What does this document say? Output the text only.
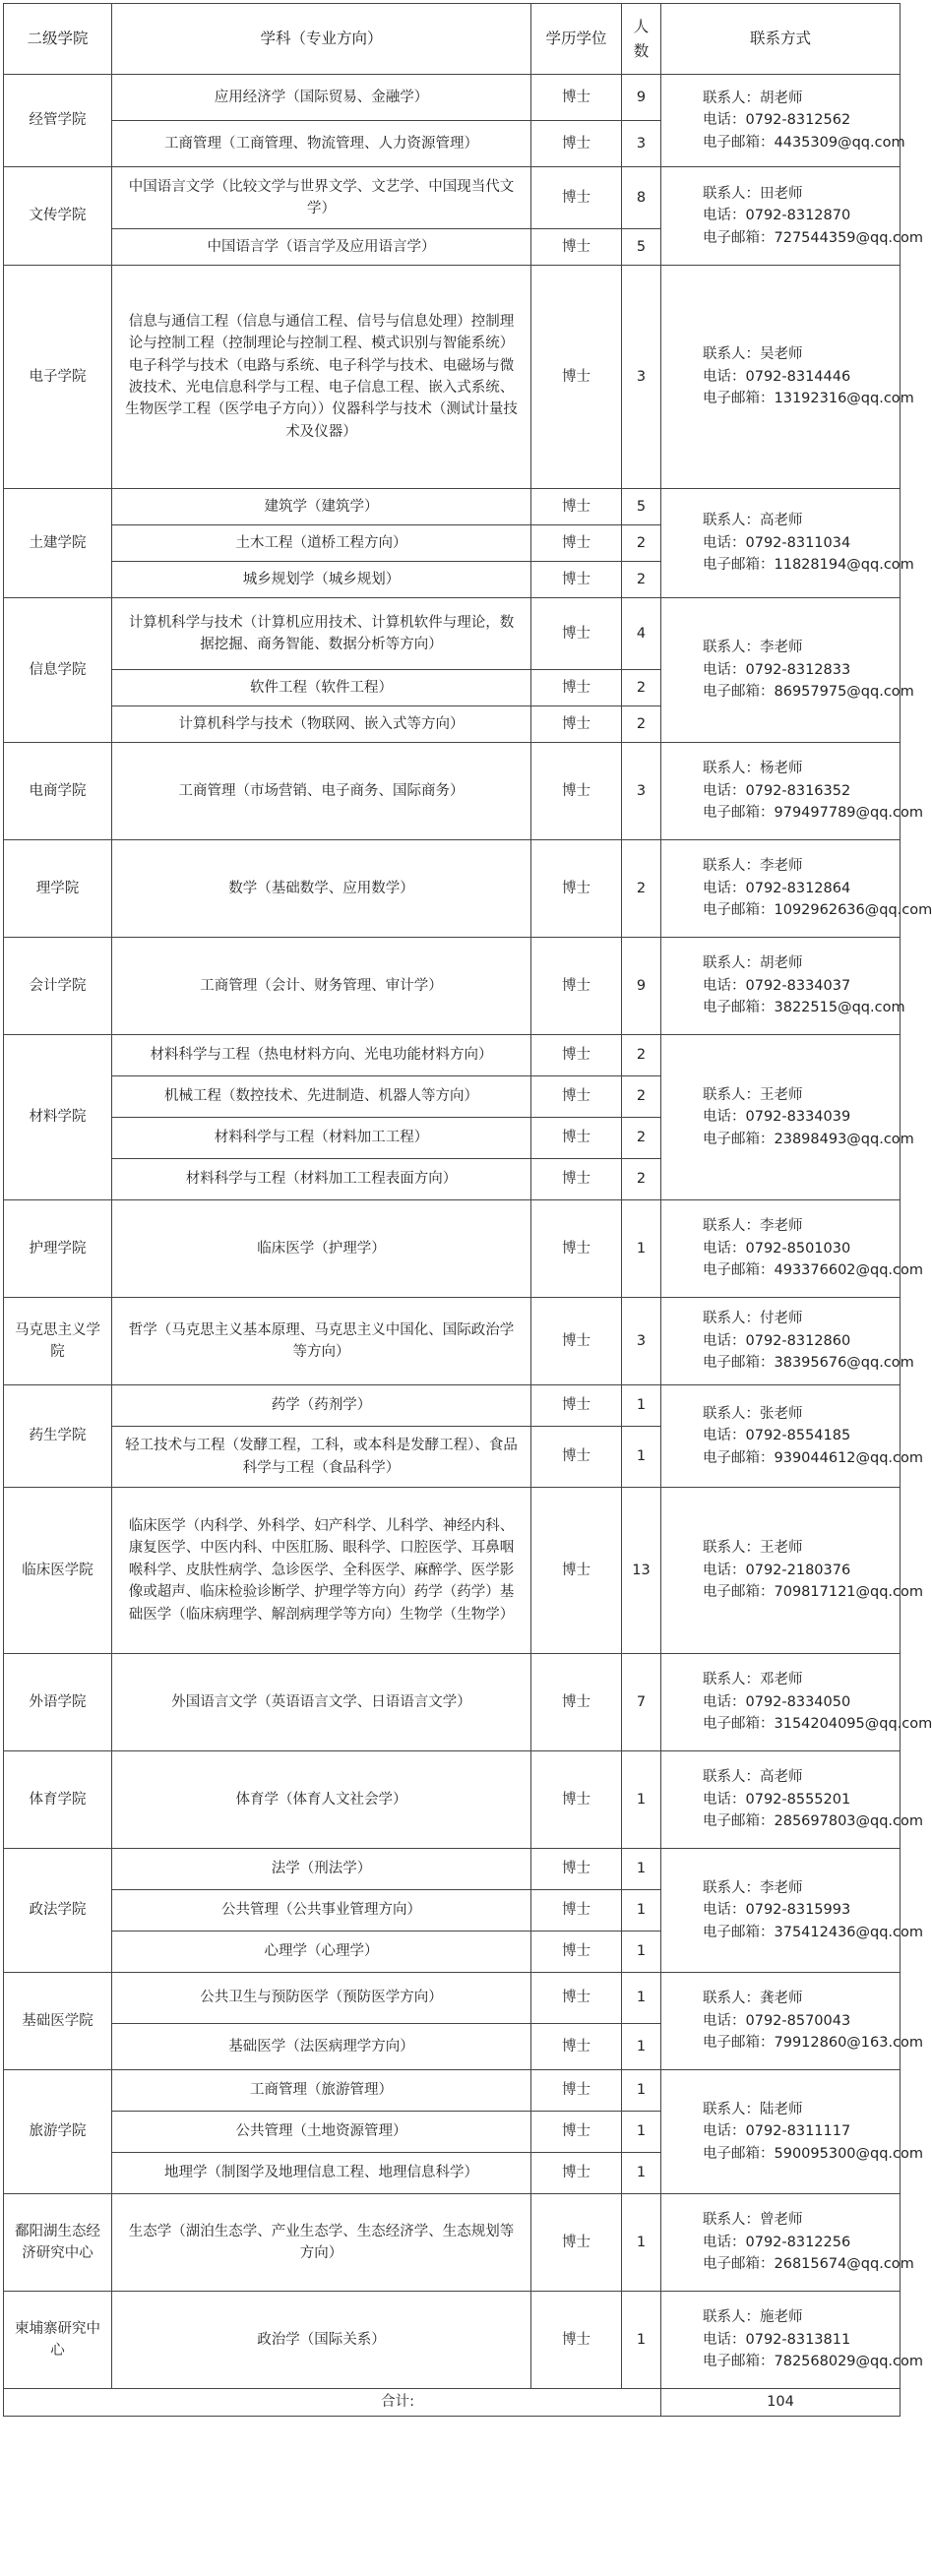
二级学院	学科（专业方向）	学历学位	人数	联系方式
经管学院	应用经济学（国际贸易、金融学）	博士	9	联系人：胡老师
电话：0792-8312562
电子邮箱：4435309@qq.com

	工商管理（工商管理、物流管理、人力资源管理）	博士	3	
文传学院	中国语言文学（比较文学与世界文学、文艺学、中国现当代文学）	博士	8	联系人：田老师
电话：0792-8312870
电子邮箱：727544359@qq.com

	中国语言学（语言学及应用语言学）	博士	5	
电子学院	信息与通信工程（信息与通信工程、信号与信息处理）控制理论与控制工程（控制理论与控制工程、模式识别与智能系统）电子科学与技术（电路与系统、电子科学与技术、电磁场与微波技术、光电信息科学与工程、电子信息工程、嵌入式系统、生物医学工程（医学电子方向））仪器科学与技术（测试计量技术及仪器）	博士	3	联系人：吴老师
电话：0792-8314446
电子邮箱：13192316@qq.com

土建学院	建筑学（建筑学）	博士	5	联系人：高老师
电话：0792-8311034
电子邮箱：11828194@qq.com

	土木工程（道桥工程方向）	博士	2	
	城乡规划学（城乡规划）	博士	2	
信息学院	计算机科学与技术（计算机应用技术、计算机软件与理论，数据挖掘、商务智能、数据分析等方向）	博士	4	联系人：李老师
电话：0792-8312833
电子邮箱：86957975@qq.com

	软件工程（软件工程）	博士	2	
	计算机科学与技术（物联网、嵌入式等方向）	博士	2	
电商学院	工商管理（市场营销、电子商务、国际商务）	博士	3	联系人：杨老师
电话：0792-8316352
电子邮箱：979497789@qq.com

理学院	数学（基础数学、应用数学）	博士	2	联系人：李老师
电话：0792-8312864
电子邮箱：1092962636@qq.com

会计学院	工商管理（会计、财务管理、审计学）	博士	9	联系人：胡老师
电话：0792-8334037
电子邮箱：3822515@qq.com

材料学院	材料科学与工程（热电材料方向、光电功能材料方向）	博士	2	联系人：王老师
电话：0792-8334039
电子邮箱：23898493@qq.com

	机械工程（数控技术、先进制造、机器人等方向）	博士	2	
	材料科学与工程（材料加工工程）	博士	2	
	材料科学与工程（材料加工工程表面方向）	博士	2	
护理学院	临床医学（护理学）	博士	1	联系人：李老师
电话：0792-8501030
电子邮箱：493376602@qq.com

马克思主义学院	哲学（马克思主义基本原理、马克思主义中国化、国际政治学等方向）	博士	3	联系人：付老师
电话：0792-8312860
电子邮箱：38395676@qq.com

药生学院	药学（药剂学）	博士	1	联系人：张老师
电话：0792-8554185
电子邮箱：939044612@qq.com

	轻工技术与工程（发酵工程，工科，或本科是发酵工程）、食品科学与工程（食品科学）	博士	1	
临床医学院	临床医学（内科学、外科学、妇产科学、儿科学、神经内科、康复医学、中医内科、中医肛肠、眼科学、口腔医学、耳鼻咽喉科学、皮肤性病学、急诊医学、全科医学、麻醉学、医学影像或超声、临床检验诊断学、护理学等方向）药学（药学）基础医学（临床病理学、解剖病理学等方向）生物学（生物学）	博士	13	联系人：王老师
电话：0792-2180376
电子邮箱：709817121@qq.com

外语学院	外国语言文学（英语语言文学、日语语言文学）	博士	7	联系人：邓老师
电话：0792-8334050
电子邮箱：3154204095@qq.com

体育学院	体育学（体育人文社会学）	博士	1	联系人：高老师
电话：0792-8555201
电子邮箱：285697803@qq.com

政法学院	法学（刑法学）	博士	1	联系人：李老师
电话：0792-8315993
电子邮箱：375412436@qq.com

	公共管理（公共事业管理方向）	博士	1	
	心理学（心理学）	博士	1	
基础医学院	公共卫生与预防医学（预防医学方向）	博士	1	联系人：龚老师
电话：0792-8570043
电子邮箱：79912860@163.com

	基础医学（法医病理学方向）	博士	1	
旅游学院	工商管理（旅游管理）	博士	1	联系人：陆老师
电话：0792-8311117
电子邮箱：590095300@qq.com

	公共管理（土地资源管理）	博士	1	
	地理学（制图学及地理信息工程、地理信息科学）	博士	1	
鄱阳湖生态经济研究中心	生态学（湖泊生态学、产业生态学、生态经济学、生态规划等方向）	博士	1	联系人：曾老师
电话：0792-8312256
电子邮箱：26815674@qq.com

柬埔寨研究中心	政治学（国际关系）	博士	1	联系人：施老师
电话：0792-8313811
电子邮箱：782568029@qq.com

合计:				104
